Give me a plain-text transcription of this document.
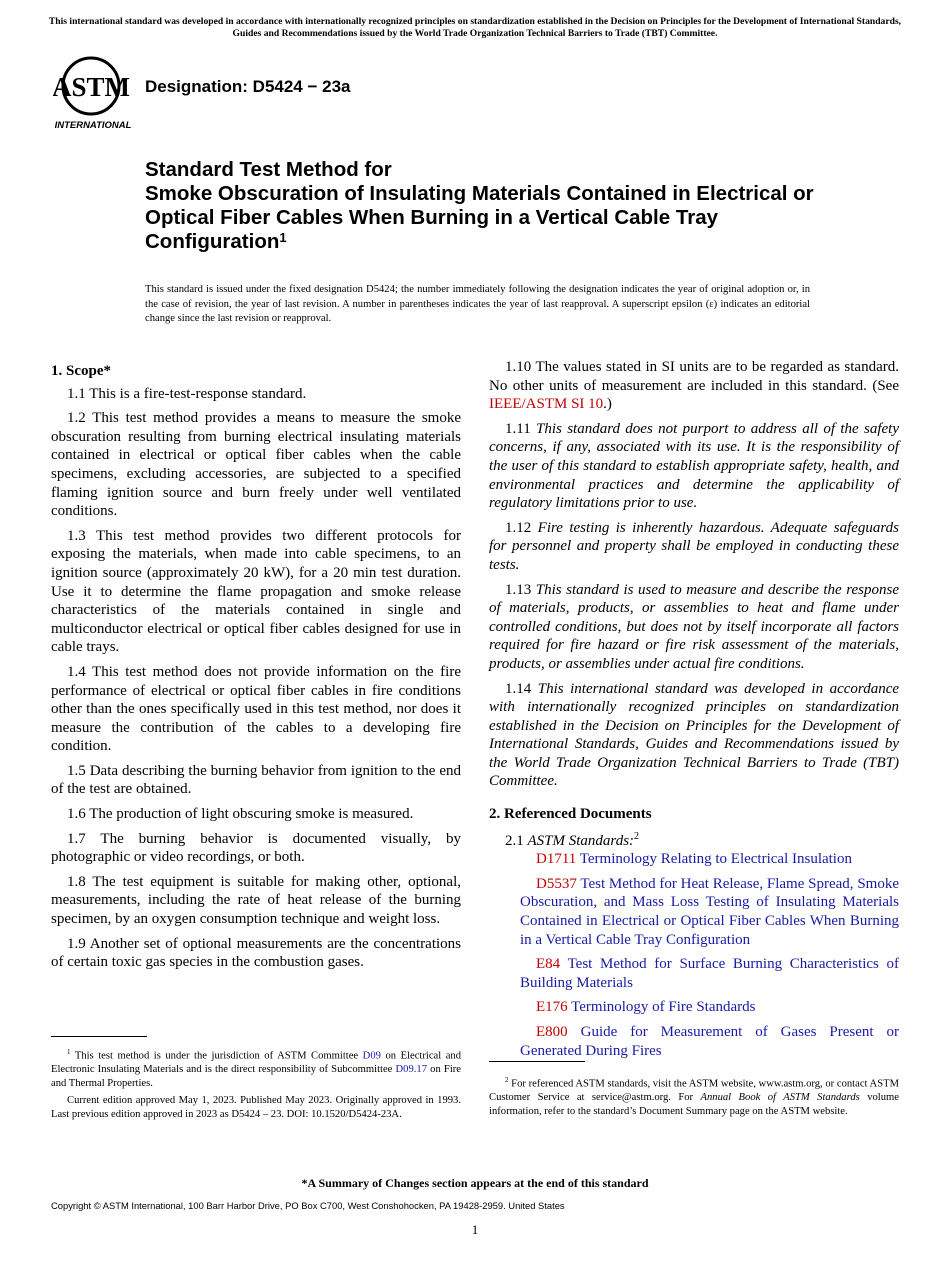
This international standard was developed in accordance with internationally recognized principles on standardization established in the Decision on Principles for the Development of International Standards, Guides and Recommendations issued by the World Trade Organization Technical Barriers to Trade (TBT) Committee.
ASTM
INTERNATIONAL
Designation: D5424 − 23a
Standard Test Method for
Smoke Obscuration of Insulating Materials Contained in Electrical or Optical Fiber Cables When Burning in a Vertical Cable Tray Configuration$^1$
This standard is issued under the fixed designation D5424; the number immediately following the designation indicates the year of original adoption or, in the case of revision, the year of last revision. A number in parentheses indicates the year of last reapproval. A superscript epsilon (ε) indicates an editorial change since the last revision or reapproval.
1. Scope*

1.1 This is a fire-test-response standard.

1.2 This test method provides a means to measure the smoke obscuration resulting from burning electrical insulating materials contained in electrical or optical fiber cables when the cable specimens, excluding accessories, are subjected to a specified flaming ignition source and burn freely under well ventilated conditions.

1.3 This test method provides two different protocols for exposing the materials, when made into cable specimens, to an ignition source (approximately 20 kW), for a 20 min test duration. Use it to determine the flame propagation and smoke release characteristics of the materials contained in single and multiconductor electrical or optical fiber cables designed for use in cable trays.

1.4 This test method does not provide information on the fire performance of electrical or optical fiber cables in fire conditions other than the ones specifically used in this test method, nor does it measure the contribution of the cables to a developing fire condition.

1.5 Data describing the burning behavior from ignition to the end of the test are obtained.

1.6 The production of light obscuring smoke is measured.

1.7 The burning behavior is documented visually, by photographic or video recordings, or both.

1.8 The test equipment is suitable for making other, optional, measurements, including the rate of heat release of the burning specimen, by an oxygen consumption technique and weight loss.

1.9 Another set of optional measurements are the concentrations of certain toxic gas species in the combustion gases.

1.10 The values stated in SI units are to be regarded as standard. No other units of measurement are included in this standard. (See IEEE/ASTM SI 10.)

1.11 This standard does not purport to address all of the safety concerns, if any, associated with its use. It is the responsibility of the user of this standard to establish appropriate safety, health, and environmental practices and determine the applicability of regulatory limitations prior to use.

1.12 Fire testing is inherently hazardous. Adequate safeguards for personnel and property shall be employed in conducting these tests.

1.13 This standard is used to measure and describe the response of materials, products, or assemblies to heat and flame under controlled conditions, but does not by itself incorporate all factors required for fire hazard or fire risk assessment of the materials, products, or assemblies under actual fire conditions.

1.14 This international standard was developed in accordance with internationally recognized principles on standardization established in the Decision on Principles for the Development of International Standards, Guides and Recommendations issued by the World Trade Organization Technical Barriers to Trade (TBT) Committee.

2. Referenced Documents

2.1 ASTM Standards:$^2$

D1711 Terminology Relating to Electrical Insulation

D5537 Test Method for Heat Release, Flame Spread, Smoke Obscuration, and Mass Loss Testing of Insulating Materials Contained in Electrical or Optical Fiber Cables When Burning in a Vertical Cable Tray Configuration

E84 Test Method for Surface Burning Characteristics of Building Materials

E176 Terminology of Fire Standards

E800 Guide for Measurement of Gases Present or Generated During Fires

$^1$ This test method is under the jurisdiction of ASTM Committee D09 on Electrical and Electronic Insulating Materials and is the direct responsibility of Subcommittee D09.17 on Fire and Thermal Properties.

Current edition approved May 1, 2023. Published May 2023. Originally approved in 1993. Last previous edition approved in 2023 as D5424 – 23. DOI: 10.1520/D5424-23A.

$^2$ For referenced ASTM standards, visit the ASTM website, www.astm.org, or contact ASTM Customer Service at service@astm.org. For Annual Book of ASTM Standards volume information, refer to the standard’s Document Summary page on the ASTM website.

*A Summary of Changes section appears at the end of this standard
Copyright © ASTM International, 100 Barr Harbor Drive, PO Box C700, West Conshohocken, PA 19428-2959. United States
1
